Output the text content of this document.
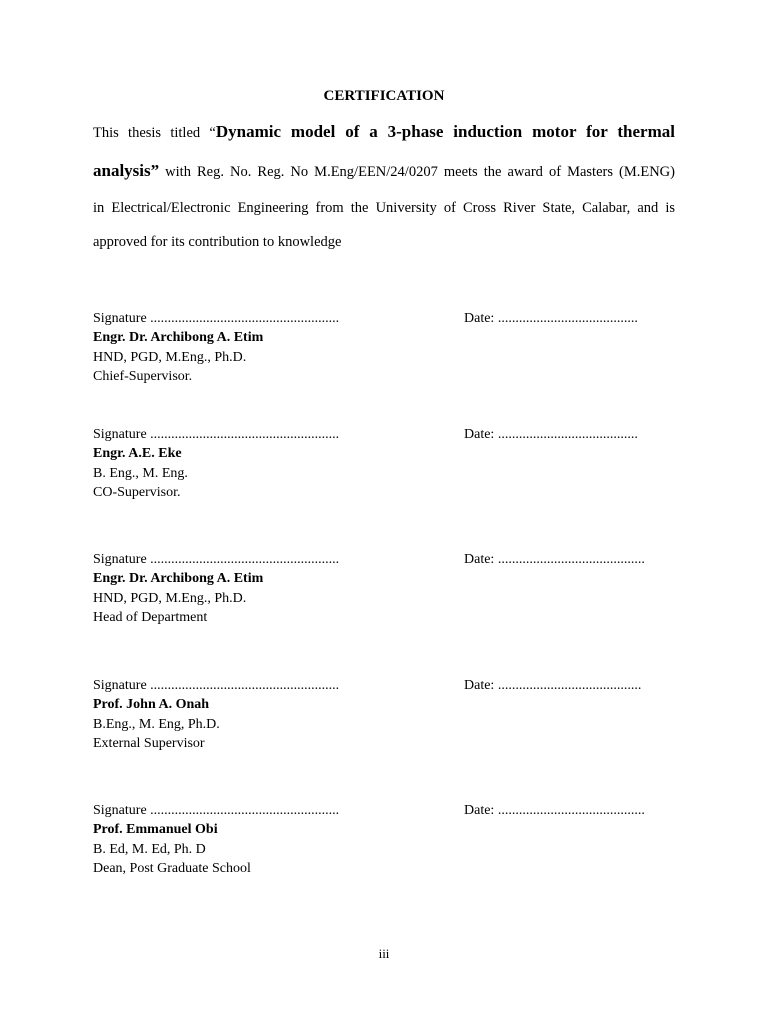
CERTIFICATION
This thesis titled “Dynamic model of a 3-phase induction motor for thermal
analysis” with Reg. No. Reg. No M.Eng/EEN/24/0207 meets the award of Masters (M.ENG)
in Electrical/Electronic Engineering from the University of Cross River State, Calabar, and is
approved for its contribution to knowledge
Signature ......................................................	Date: ........................................
Engr. Dr. Archibong A. Etim
HND, PGD, M.Eng., Ph.D.
Chief-Supervisor.
Signature ......................................................	Date: ........................................
Engr. A.E. Eke
B. Eng., M. Eng.
CO-Supervisor.
Signature ......................................................	Date: ..........................................
Engr. Dr. Archibong A. Etim
HND, PGD, M.Eng., Ph.D.
Head of Department
Signature ......................................................	Date: .........................................
Prof. John A. Onah
B.Eng., M. Eng, Ph.D.
External Supervisor
Signature ......................................................	Date: ..........................................
Prof. Emmanuel Obi
B. Ed, M. Ed, Ph. D
Dean, Post Graduate School
iii
